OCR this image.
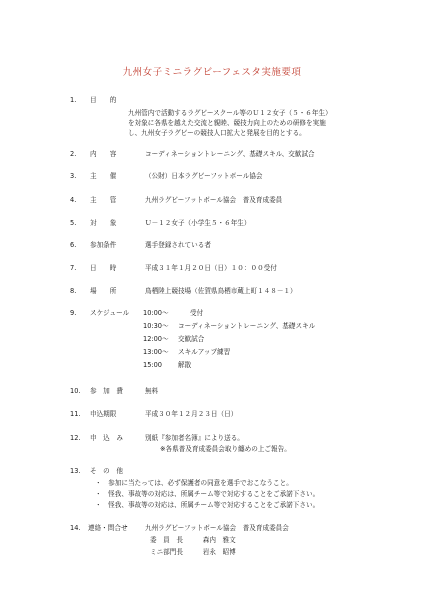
九州女子ミニラグビーフェスタ実施要項
1. 目　　的
九州管内で活動するラグビースクール等のＵ１２女子（５・６年生）
を対象に各県を越えた交流と親睦、競技力向上のための研修を実施
し、九州女子ラグビーの競技人口拡大と発展を目的とする。
2. 内　　容	コーディネーショントレーニング、基礎スキル、交歓試合
3. 主　　催	（公財）日本ラグビーフットボール協会
4. 主　　管	九州ラグビーフットボール協会　普及育成委員
5. 対　　象	Ｕ－１２女子（小学生５・６年生）
6. 参加条件	選手登録されている者
7. 日　　時	平成３１年１月２０日（日）１０：００受付
8. 場　　所	鳥栖陸上競技場（佐賀県鳥栖市蔵上町１４８－１）
9. スケジュール 10:00～	受付
10:30～ コーディネーショントレーニング、基礎スキル
12:00～ 交歓試合
13:00～ スキルアップ練習
15:00 解散
10. 参　加　費	無料
11. 申込期限	平成３０年１２月２３日（日）
12. 申　込　み	別紙『参加者名簿』により送る。
※各県普及育成委員会取り纏めの上ご報告。
13. そ　の　他
・　参加に当たっては、必ず保護者の同意を選手でおこなうこと。
・　怪我、事故等の対応は、所属チーム等で対応することをご承諾下さい。
・　怪我、事故等の対応は、所属チーム等で対応することをご承諾下さい。
14. 連絡・問合せ	九州ラグビーフットボール協会　普及育成委員会
委　員　長　　　森内　雅文
ミニ部門長　　　岩永　昭博
